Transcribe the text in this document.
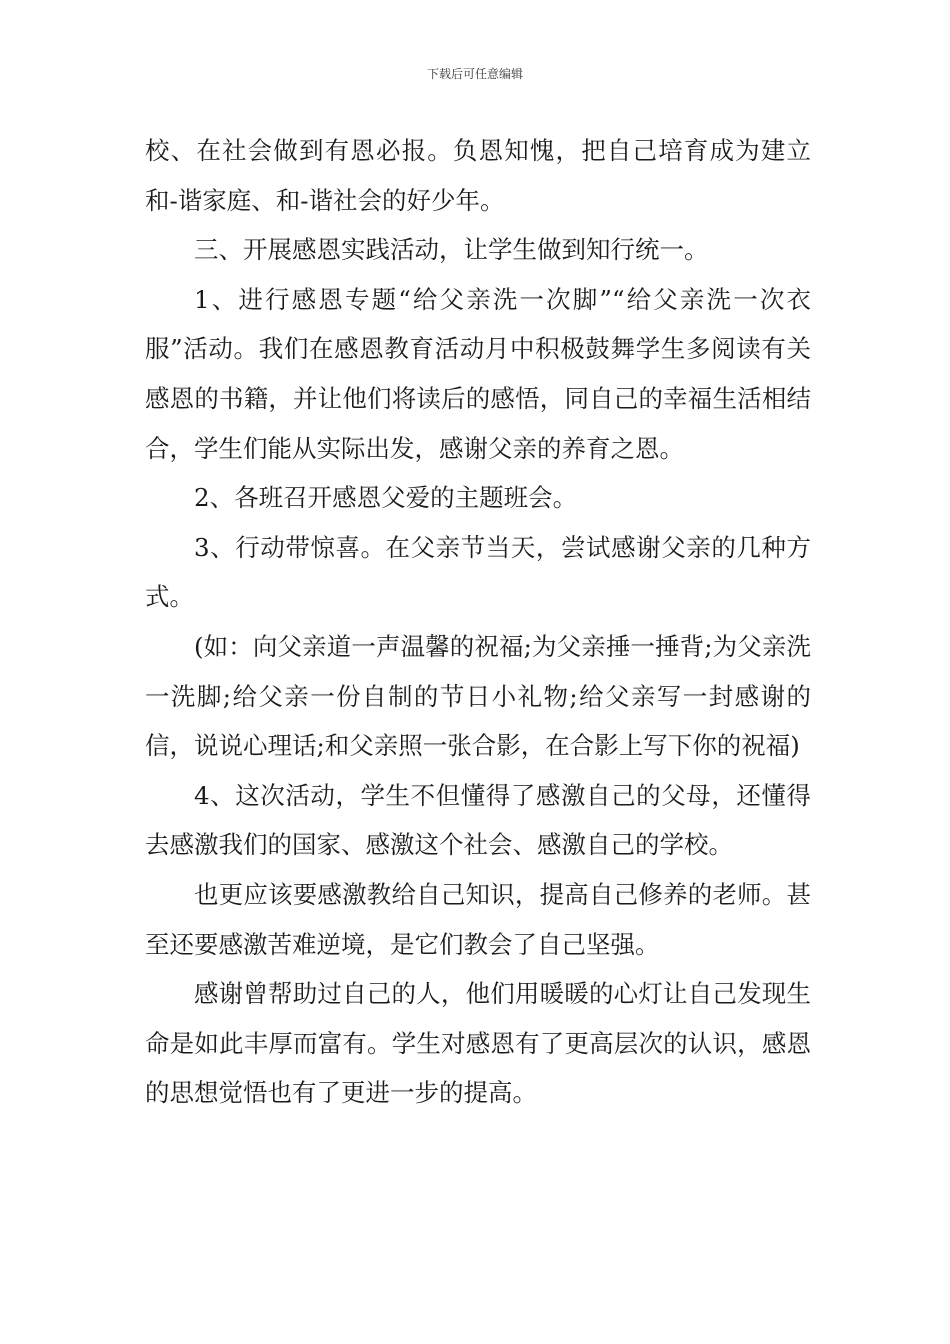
下载后可任意编辑

校、在社会做到有恩必报。负恩知愧，把自己培育成为建立和-谐家庭、和-谐社会的好少年。

三、开展感恩实践活动，让学生做到知行统一。

1、进行感恩专题“给父亲洗一次脚”“给父亲洗一次衣服”活动。我们在感恩教育活动月中积极鼓舞学生多阅读有关感恩的书籍，并让他们将读后的感悟，同自己的幸福生活相结合，学生们能从实际出发，感谢父亲的养育之恩。

2、各班召开感恩父爱的主题班会。

3、行动带惊喜。在父亲节当天，尝试感谢父亲的几种方式。

(如：向父亲道一声温馨的祝福;为父亲捶一捶背;为父亲洗一洗脚;给父亲一份自制的节日小礼物;给父亲写一封感谢的信，说说心理话;和父亲照一张合影，在合影上写下你的祝福)

4、这次活动，学生不但懂得了感激自己的父母，还懂得去感激我们的国家、感激这个社会、感激自己的学校。

也更应该要感激教给自己知识，提高自己修养的老师。甚至还要感激苦难逆境，是它们教会了自己坚强。

感谢曾帮助过自己的人，他们用暖暖的心灯让自己发现生命是如此丰厚而富有。学生对感恩有了更高层次的认识，感恩的思想觉悟也有了更进一步的提高。
